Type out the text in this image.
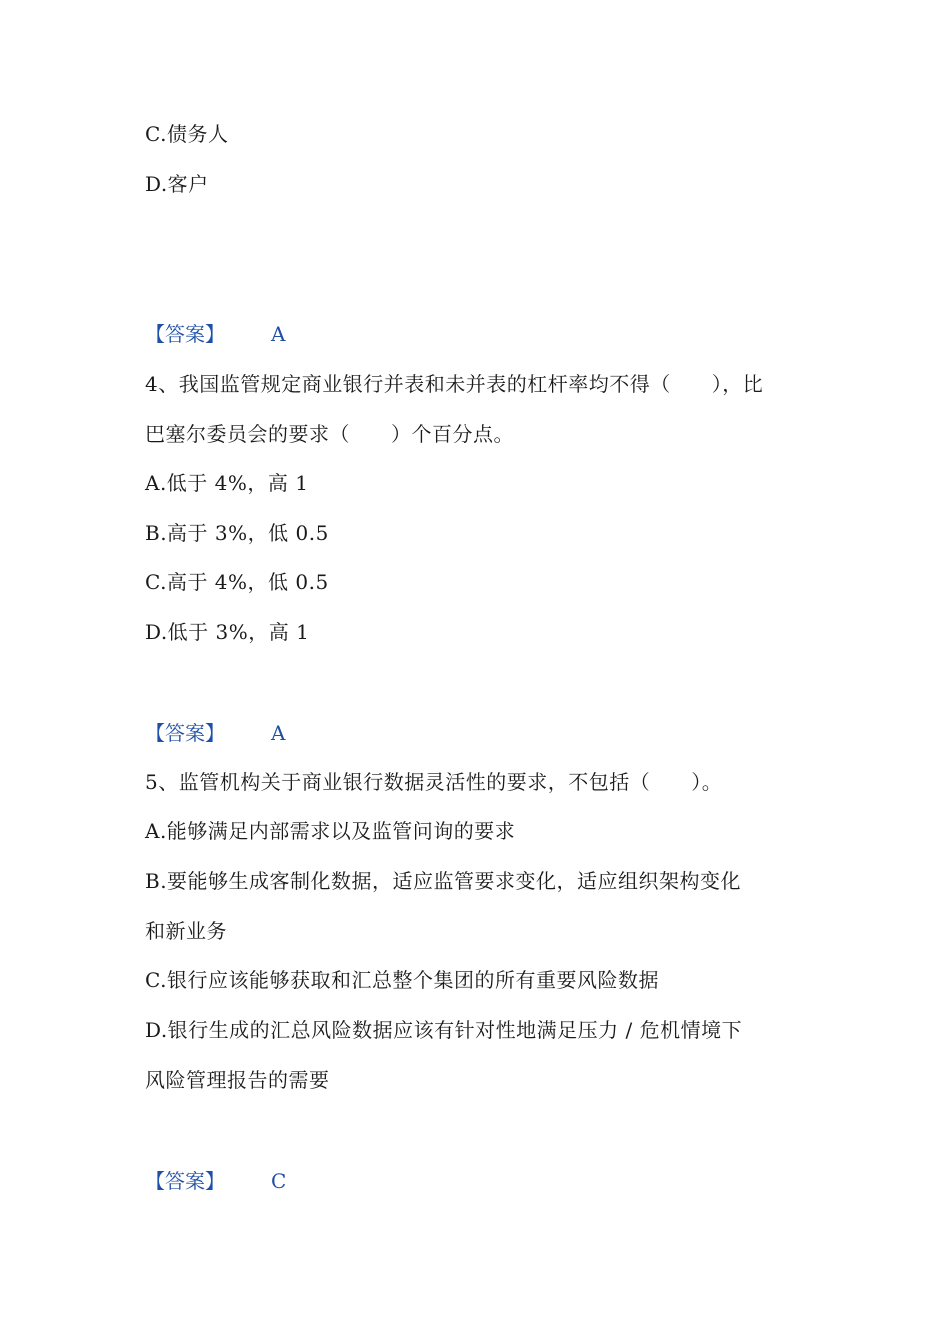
C.债务人
D.客户
【答案】 A
4、我国监管规定商业银行并表和未并表的杠杆率均不得（　　），比
巴塞尔委员会的要求（　　）个百分点。
A.低于 4%，高 1
B.高于 3%，低 0.5
C.高于 4%，低 0.5
D.低于 3%，高 1
【答案】 A
5、监管机构关于商业银行数据灵活性的要求，不包括（　　）。
A.能够满足内部需求以及监管问询的要求
B.要能够生成客制化数据，适应监管要求变化，适应组织架构变化
和新业务
C.银行应该能够获取和汇总整个集团的所有重要风险数据
D.银行生成的汇总风险数据应该有针对性地满足压力 / 危机情境下
风险管理报告的需要
【答案】 C
